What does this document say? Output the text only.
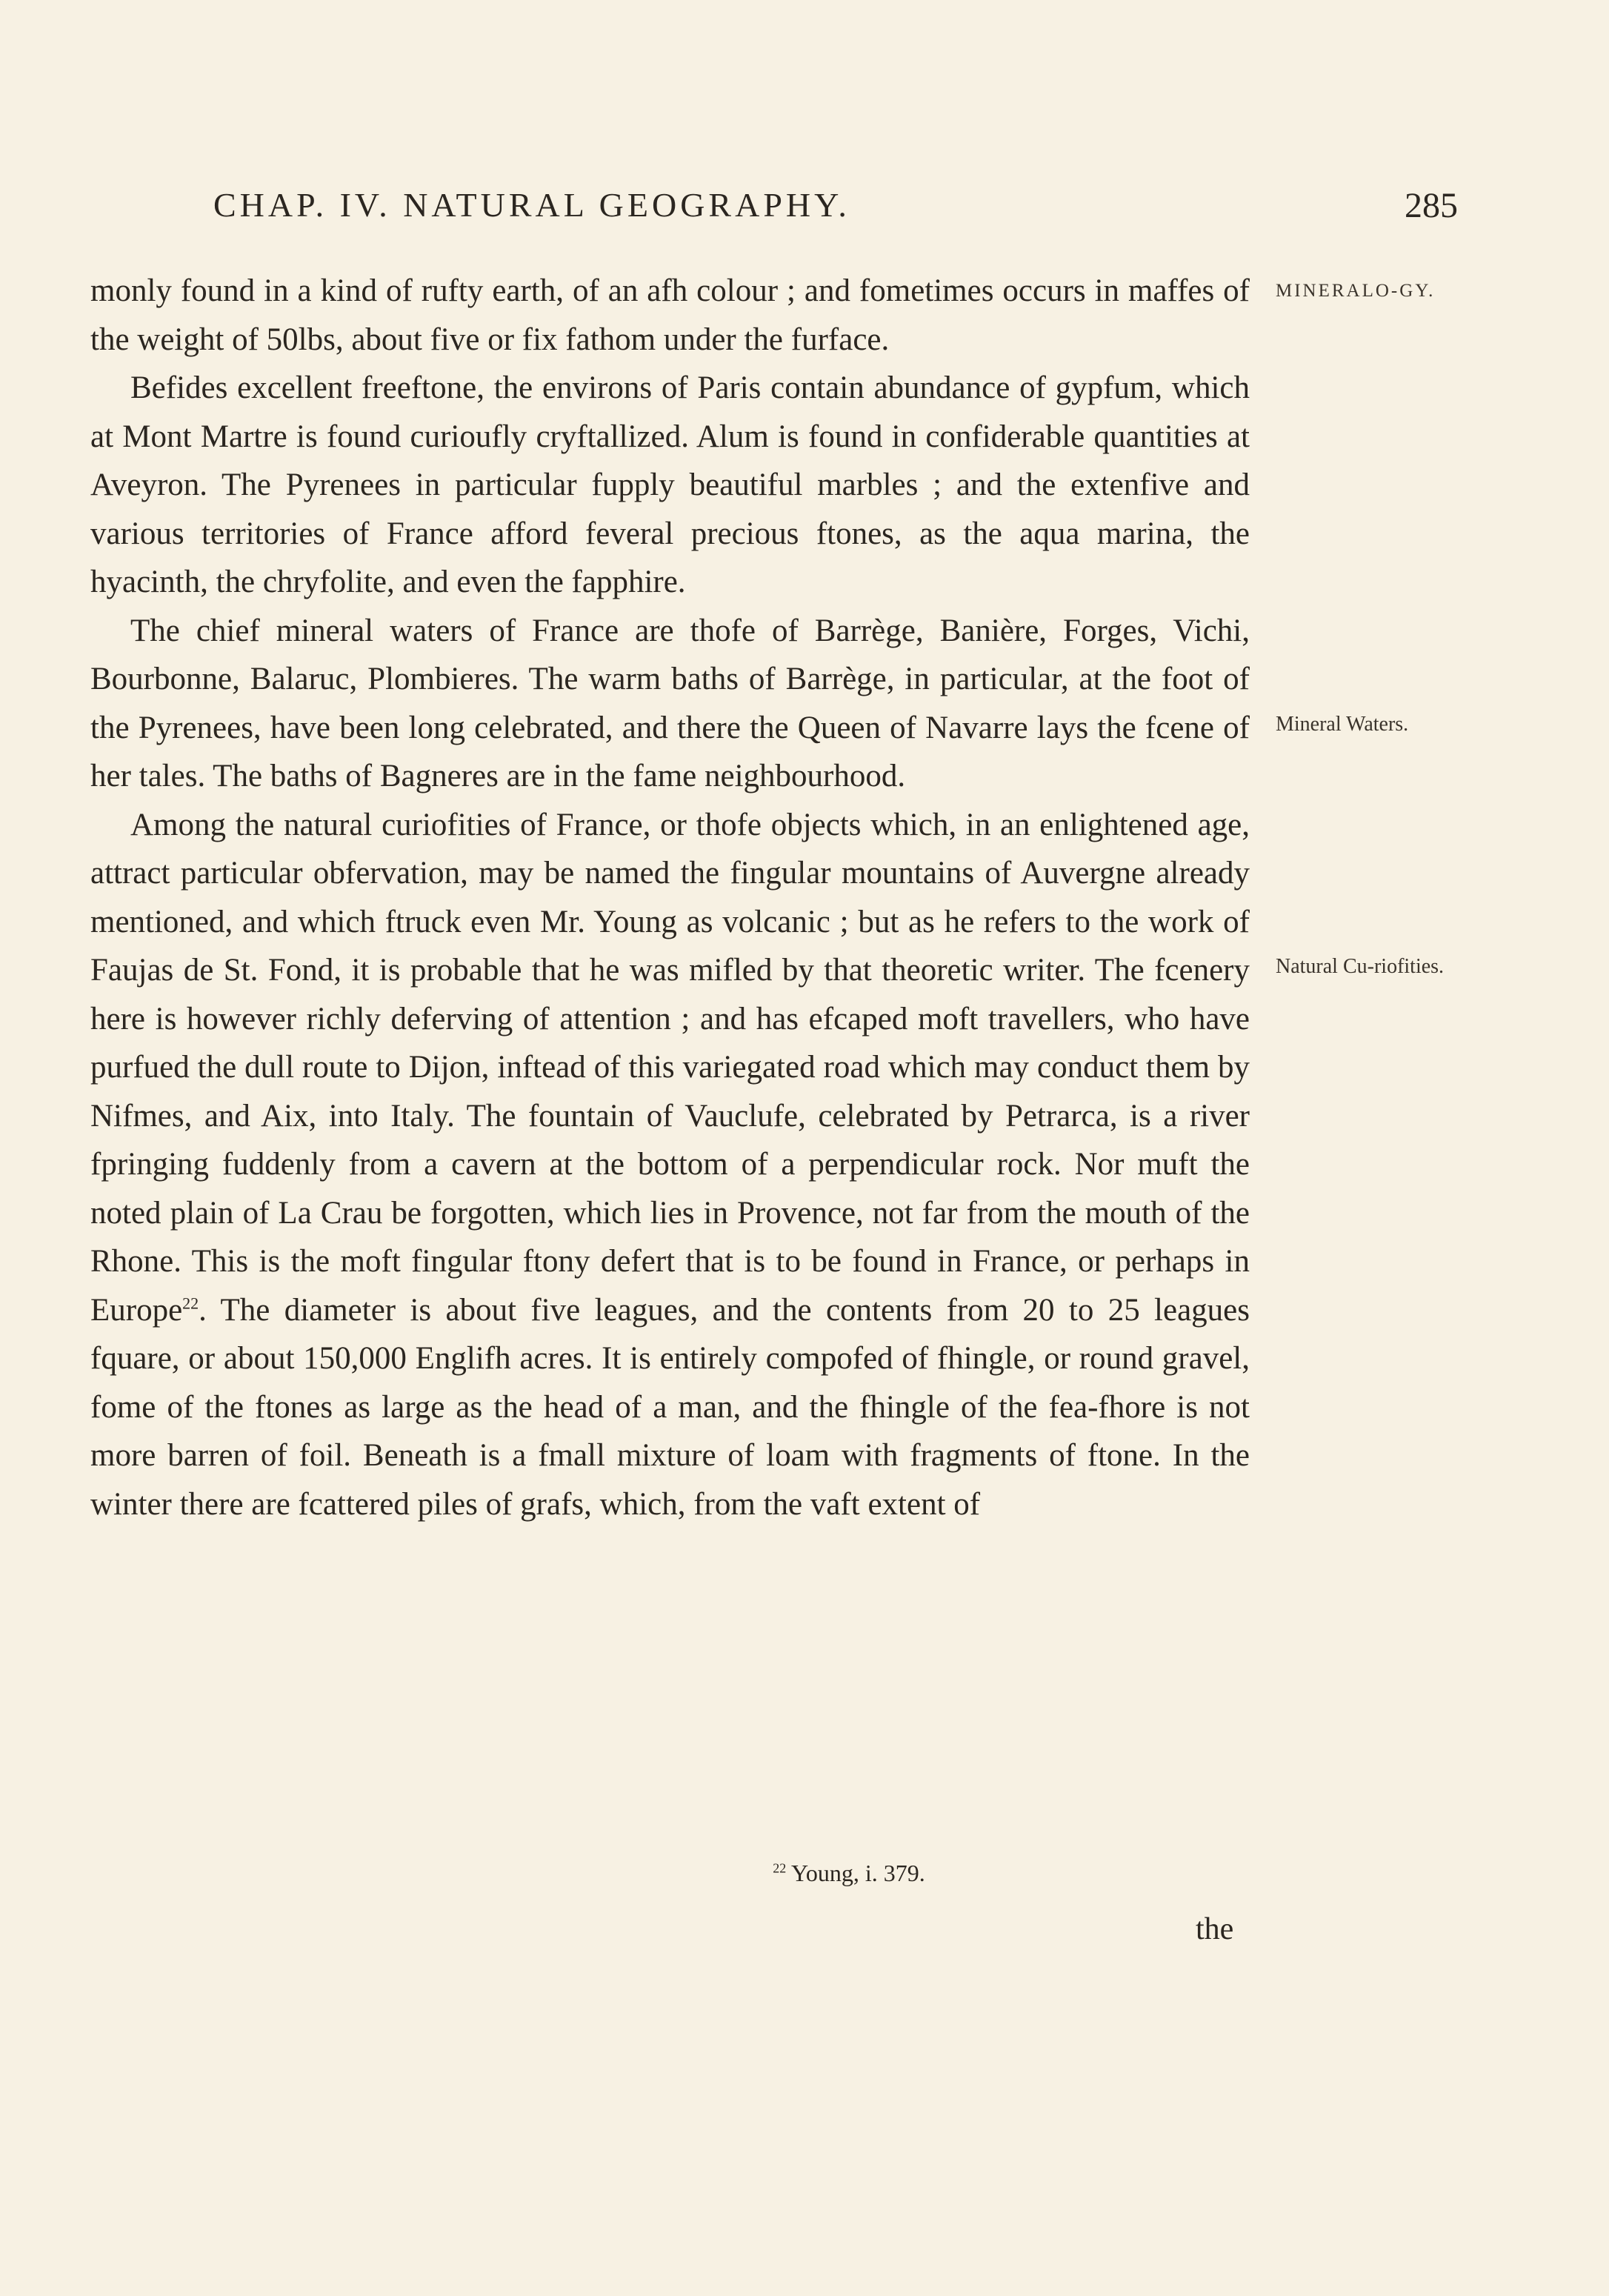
CHAP. IV. NATURAL GEOGRAPHY.	285

monly found in a kind of rufty earth, of an afh colour ; and fometimes occurs in maffes of the weight of 50lbs, about five or fix fathom under the furface.

Befides excellent freeftone, the environs of Paris contain abundance of gypfum, which at Mont Martre is found curioufly cryftallized. Alum is found in confiderable quantities at Aveyron. The Pyrenees in particular fupply beautiful marbles ; and the extenfive and various territories of France afford feveral precious ftones, as the aqua marina, the hyacinth, the chryfolite, and even the fapphire.

The chief mineral waters of France are thofe of Barrège, Banière, Forges, Vichi, Bourbonne, Balaruc, Plombieres. The warm baths of Barrège, in particular, at the foot of the Pyrenees, have been long celebrated, and there the Queen of Navarre lays the fcene of her tales. The baths of Bagneres are in the fame neighbourhood.

Among the natural curiofities of France, or thofe objects which, in an enlightened age, attract particular obfervation, may be named the fingular mountains of Auvergne already mentioned, and which ftruck even Mr. Young as volcanic ; but as he refers to the work of Faujas de St. Fond, it is probable that he was mifled by that theoretic writer. The fcenery here is however richly deferving of attention ; and has efcaped moft travellers, who have purfued the dull route to Dijon, inftead of this variegated road which may conduct them by Nifmes, and Aix, into Italy. The fountain of Vauclufe, celebrated by Petrarca, is a river fpringing fuddenly from a cavern at the bottom of a perpendicular rock. Nor muft the noted plain of La Crau be forgotten, which lies in Provence, not far from the mouth of the Rhone. This is the moft fingular ftony defert that is to be found in France, or perhaps in Europe$^{22}$. The diameter is about five leagues, and the contents from 20 to 25 leagues fquare, or about 150,000 Englifh acres. It is entirely compofed of fhingle, or round gravel, fome of the ftones as large as the head of a man, and the fhingle of the fea-fhore is not more barren of foil. Beneath is a fmall mixture of loam with fragments of ftone. In the winter there are fcattered piles of grafs, which, from the vaft extent of

MINERALO-GY.
Mineral Waters.
Natural Cu-riofities.
$^{22}$ Young, i. 379.
the
